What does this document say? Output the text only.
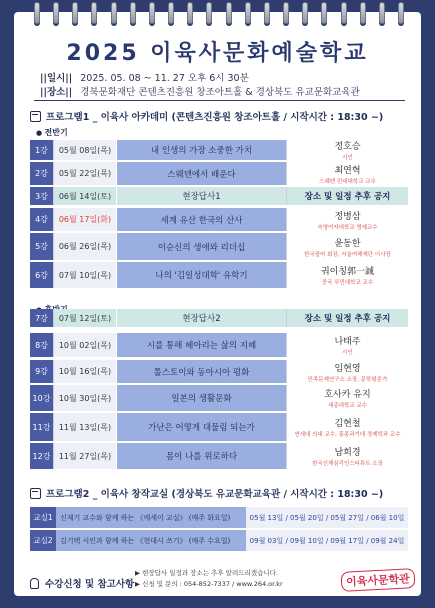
2025 이육사문화예술학교
||일시|| 2025. 05. 08 ~ 11. 27 오후 6시 30분
||장소|| 경북문화재단 콘텐츠진흥원 창조아트홀 & 경상북도 유교문화교육관
프로그램1 _ 이육사 아카데미 (콘텐츠진흥원 창조아트홀 / 시작시간 : 18:30 ~)
● 전반기
●
1강	05월 08일(목)	내 인생의 가장 소중한 가치	정호승
시인
2강	05월 22일(목)	스웨덴에서 배운다	최연혁
스웨덴 린네대학교 교수
3강	06월 14일(토)	현장답사1	장소 및 일정 추후 공지
4강	06월 17일(화)	세계 유산 한국의 산사	정병삼
숙명여자대학교 명예교수
5강	06월 26일(목)	이순신의 생애와 리더십	윤동한
한국콜마 회장, 서울여해재단 이사장
6강	07월 10일(목)	나의 '김일성대학' 유학기	궈이칭郭一誠
중국 루민대학교 교수
7강	07월 12일(토)	현장답사2	장소 및 일정 추후 공지
8강	10월 02일(목)	시를 통해 헤아리는 삶의 지혜	나태주
시인
9강	10월 16일(목)	톨스토이와 동아시아 평화	임현영
민족문제연구소 소장, 문학평론가
10강	10월 30일(목)	일본의 생활문화	호사카 유지
세종대학교 교수
11강	11월 13일(목)	가난은 어떻게 대물림 되는가	김현철
연세대 의대 교수, 홍콩과기대 경제학과 교수
12강	11월 27일(목)	몸이 나를 위로하다	남희경
한국신체심리인스티튜트 소장
프로그램2 _ 이육사 창작교실 (경상북도 유교문화교육관 / 시작시간 : 18:30 ~)
교실1	신재기 교수와 함께 하는 《에세이 교실》 (매주 화요일)	05월 13일 / 05월 20일 / 05월 27일 / 06월 10일
교실2	김기택 시인과 함께 하는 《현대시 쓰기》 (매주 수요일)	09월 03일 / 09월 10일 / 09월 17일 / 09월 24일
수강신청 및 참고사항
▶ 현장답사 일정과 장소는 추후 알려드리겠습니다.
▶ 신청 및 문의 : 054-852-7337 / www.264.or.kr	이육사문학관
